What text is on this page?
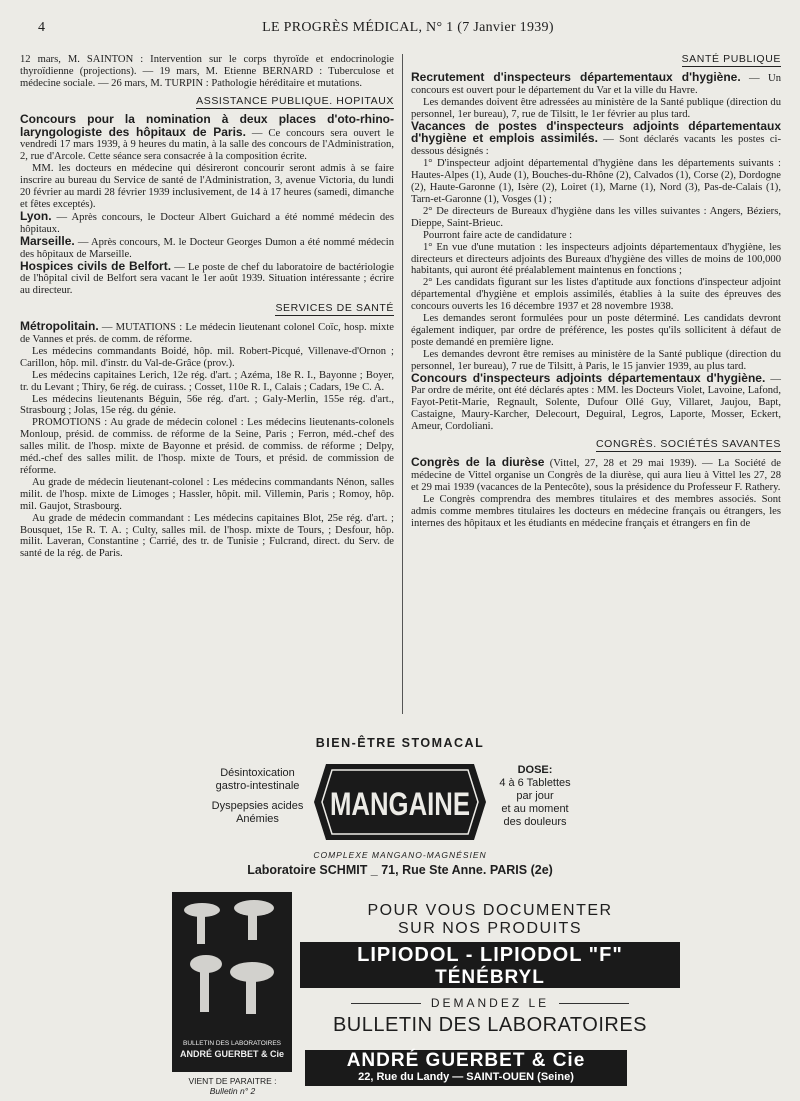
4	LE PROGRÈS MÉDICAL, N° 1 (7 Janvier 1939)

12 mars, M. SAINTON : Intervention sur le corps thyroïde et endocrinologie thyroïdienne (projections). — 19 mars, M. Etienne BERNARD : Tuberculose et médecine sociale. — 26 mars, M. TURPIN : Pathologie héréditaire et mutations.

ASSISTANCE PUBLIQUE. HOPITAUX

Concours pour la nomination à deux places d'oto-rhino-laryngologiste des hôpitaux de Paris. — Ce concours sera ouvert le vendredi 17 mars 1939, à 9 heures du matin, à la salle des concours de l'Administration, 2, rue d'Arcole. Cette séance sera consacrée à la composition écrite.

MM. les docteurs en médecine qui désireront concourir seront admis à se faire inscrire au bureau du Service de santé de l'Administration, 3, avenue Victoria, du lundi 20 février au mardi 28 février 1939 inclusivement, de 14 à 17 heures (samedi, dimanche et fêtes exceptés).

Lyon. — Après concours, le Docteur Albert Guichard a été nommé médecin des hôpitaux.

Marseille. — Après concours, M. le Docteur Georges Dumon a été nommé médecin des hôpitaux de Marseille.

Hospices civils de Belfort. — Le poste de chef du laboratoire de bactériologie de l'hôpital civil de Belfort sera vacant le 1er août 1939. Situation intéressante ; écrire au directeur.

SERVICES DE SANTÉ

Métropolitain. — MUTATIONS : Le médecin lieutenant colonel Coïc, hosp. mixte de Vannes et prés. de comm. de réforme.

Les médecins commandants Boidé, hôp. mil. Robert-Picqué, Villenave-d'Ornon ; Carillon, hôp. mil. d'instr. du Val-de-Grâce (prov.).

Les médecins capitaines Lerich, 12e rég. d'art. ; Azéma, 18e R. I., Bayonne ; Boyer, tr. du Levant ; Thiry, 6e rég. de cuirass. ; Cosset, 110e R. I., Calais ; Cadars, 19e C. A.

Les médecins lieutenants Béguin, 56e rég. d'art. ; Galy-Merlin, 155e rég. d'art., Strasbourg ; Jolas, 15e rég. du génie.

PROMOTIONS : Au grade de médecin colonel : Les médecins lieutenants-colonels Monloup, présid. de commiss. de réforme de la Seine, Paris ; Ferron, méd.-chef des salles milit. de l'hosp. mixte de Bayonne et présid. de commiss. de réforme ; Delpy, méd.-chef des salles milit. de l'hosp. mixte de Tours, et présid. de commission de réforme.

Au grade de médecin lieutenant-colonel : Les médecins commandants Nénon, salles milit. de l'hosp. mixte de Limoges ; Hassler, hôpit. mil. Villemin, Paris ; Romoy, hôp. mil. Gaujot, Strasbourg.

Au grade de médecin commandant : Les médecins capitaines Blot, 25e rég. d'art. ; Bousquet, 15e R. T. A. ; Culty, salles mil. de l'hosp. mixte de Tours, ; Desfour, hôp. milit. Laveran, Constantine ; Carrié, des tr. de Tunisie ; Fulcrand, direct. du Serv. de santé de la rég. de Paris.

SANTÉ PUBLIQUE

Recrutement d'inspecteurs départementaux d'hygiène. — Un concours est ouvert pour le département du Var et la ville du Havre.

Les demandes doivent être adressées au ministère de la Santé publique (direction du personnel, 1er bureau), 7, rue de Tilsitt, le 1er février au plus tard.

Vacances de postes d'inspecteurs adjoints départementaux d'hygiène et emplois assimilés. — Sont déclarés vacants les postes ci-dessous désignés :

1° D'inspecteur adjoint départemental d'hygiène dans les départements suivants : Hautes-Alpes (1), Aude (1), Bouches-du-Rhône (2), Calvados (1), Corse (2), Dordogne (2), Haute-Garonne (1), Isère (2), Loiret (1), Marne (1), Nord (3), Pas-de-Calais (1), Tarn-et-Garonne (1), Vosges (1) ;

2° De directeurs de Bureaux d'hygiène dans les villes suivantes : Angers, Béziers, Dieppe, Saint-Brieuc.

Pourront faire acte de candidature :

1° En vue d'une mutation : les inspecteurs adjoints départementaux d'hygiène, les directeurs et directeurs adjoints des Bureaux d'hygiène des villes de moins de 100,000 habitants, qui auront été préalablement maintenus en fonctions ;

2° Les candidats figurant sur les listes d'aptitude aux fonctions d'inspecteur adjoint départemental d'hygiène et emplois assimilés, établies à la suite des épreuves des concours ouverts les 16 décembre 1937 et 28 novembre 1938.

Les demandes seront formulées pour un poste déterminé. Les candidats devront également indiquer, par ordre de préférence, les postes qu'ils sollicitent à défaut de poste demandé en première ligne.

Les demandes devront être remises au ministère de la Santé publique (direction du personnel, 1er bureau), 7 rue de Tilsitt, à Paris, le 15 janvier 1939, au plus tard.

Concours d'inspecteurs adjoints départementaux d'hygiène. — Par ordre de mérite, ont été déclarés aptes : MM. les Docteurs Violet, Lavoine, Lafond, Fayot-Petit-Marie, Regnault, Solente, Dufour Ollé Guy, Villaret, Jaujou, Bapt, Castaigne, Maury-Karcher, Delecourt, Deguiral, Legros, Laporte, Mosser, Eckert, Ameur, Cordoliani.

CONGRÈS. SOCIÉTÉS SAVANTES

Congrès de la diurèse (Vittel, 27, 28 et 29 mai 1939). — La Société de médecine de Vittel organise un Congrès de la diurèse, qui aura lieu à Vittel les 27, 28 et 29 mai 1939 (vacances de la Pentecôte), sous la présidence du Professeur F. Rathery.

Le Congrès comprendra des membres titulaires et des membres associés. Sont admis comme membres titulaires les docteurs en médecine français ou étrangers, les internes des hôpitaux et les étudiants en médecine français et étrangers en fin de

BIEN-ÊTRE STOMACAL
Désintoxication
gastro-intestinale
Dyspepsies acides
Anémies	MANGAINE
DOSE:
4 à 6 Tablettes
par jour
et au moment
des douleurs
COMPLEXE MANGANO-MAGNÉSIEN
Laboratoire SCHMIT _ 71, Rue Ste Anne. PARIS (2e)
BULLETIN DES LABORATOIRES
ANDRÉ GUERBET & Cie
VIENT DE PARAITRE :
Bulletin n° 2
POUR VOUS DOCUMENTER
SUR NOS PRODUITS
LIPIODOL - LIPIODOL "F"
TÉNÉBRYL
DEMANDEZ LE
BULLETIN DES LABORATOIRES
ANDRÉ GUERBET & Cie
22, Rue du Landy — SAINT-OUEN (Seine)
